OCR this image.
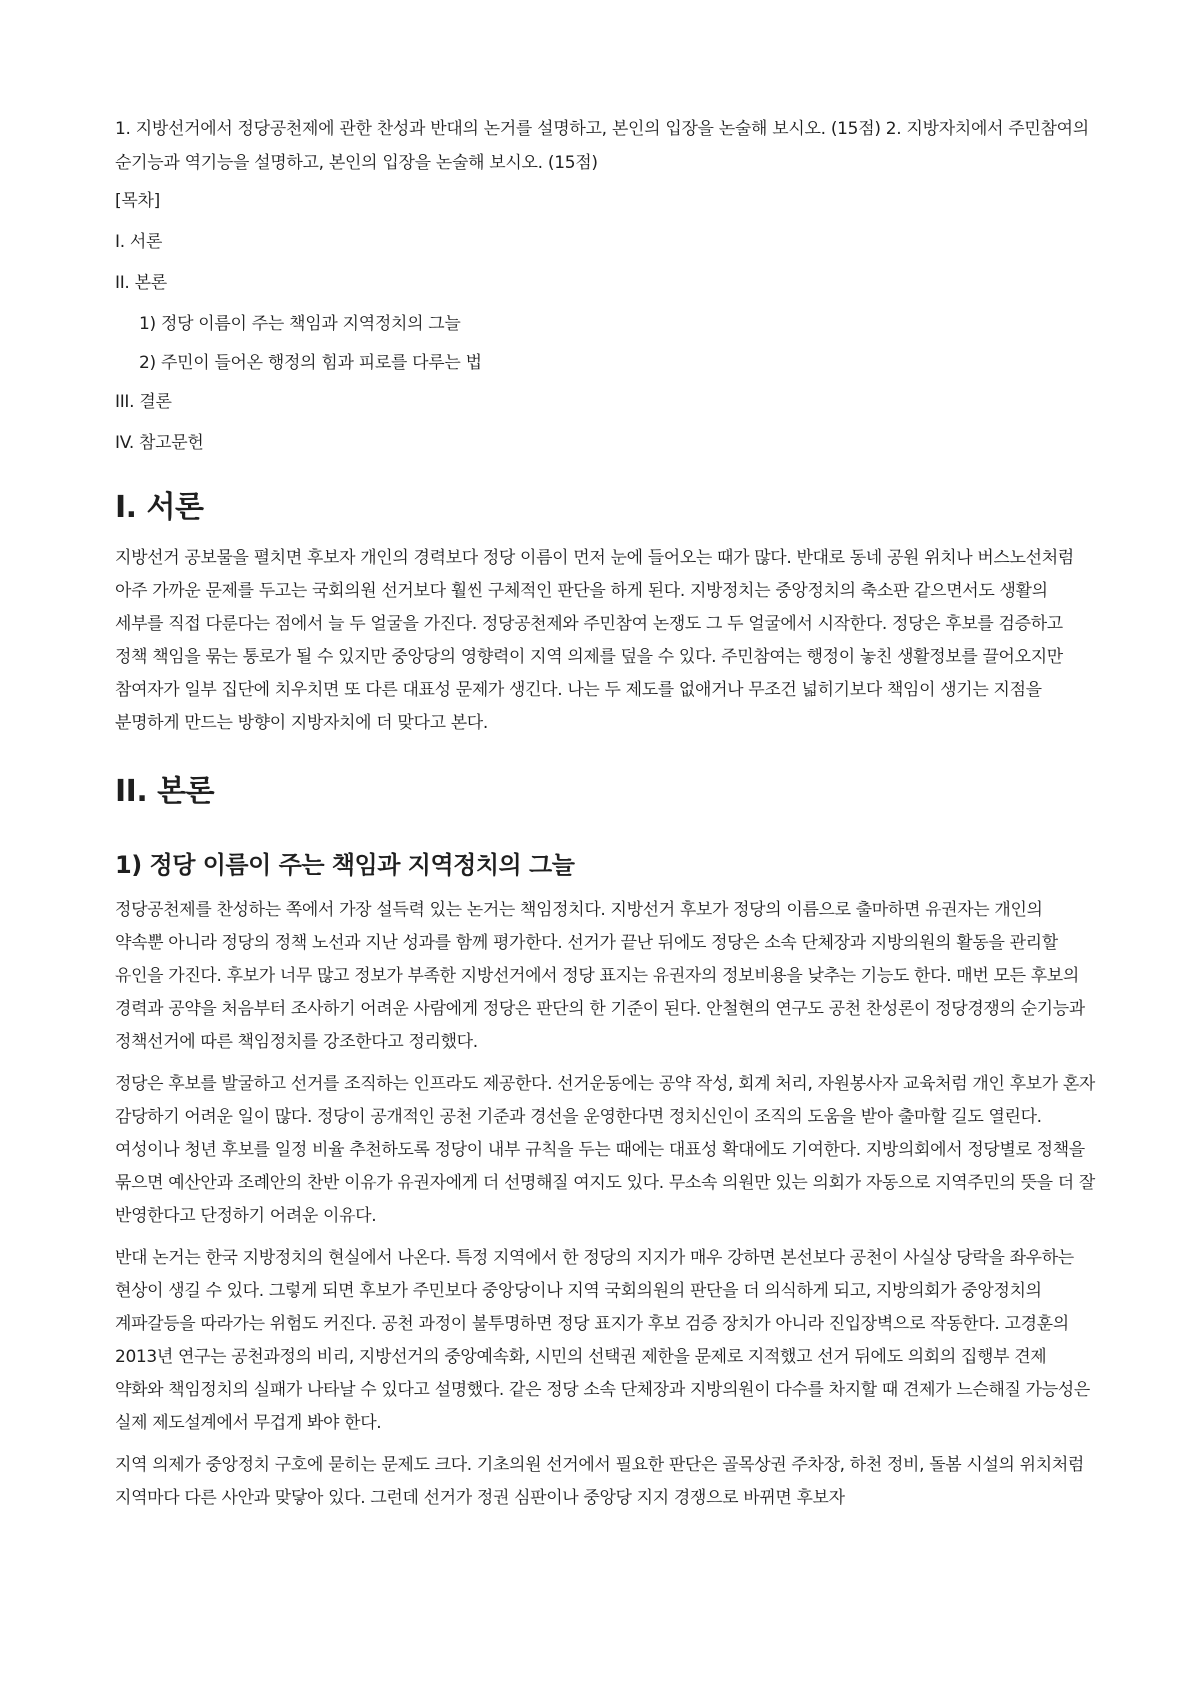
1. 지방선거에서 정당공천제에 관한 찬성과 반대의 논거를 설명하고, 본인의 입장을 논술해 보시오. (15점) 2. 지방자치에서 주민참여의 순기능과 역기능을 설명하고, 본인의 입장을 논술해 보시오. (15점)

[목차]

I. 서론

II. 본론

1) 정당 이름이 주는 책임과 지역정치의 그늘

2) 주민이 들어온 행정의 힘과 피로를 다루는 법

III. 결론

IV. 참고문헌

I. 서론

지방선거 공보물을 펼치면 후보자 개인의 경력보다 정당 이름이 먼저 눈에 들어오는 때가 많다. 반대로 동네 공원 위치나 버스노선처럼 아주 가까운 문제를 두고는 국회의원 선거보다 훨씬 구체적인 판단을 하게 된다. 지방정치는 중앙정치의 축소판 같으면서도 생활의 세부를 직접 다룬다는 점에서 늘 두 얼굴을 가진다. 정당공천제와 주민참여 논쟁도 그 두 얼굴에서 시작한다. 정당은 후보를 검증하고 정책 책임을 묶는 통로가 될 수 있지만 중앙당의 영향력이 지역 의제를 덮을 수 있다. 주민참여는 행정이 놓친 생활정보를 끌어오지만 참여자가 일부 집단에 치우치면 또 다른 대표성 문제가 생긴다. 나는 두 제도를 없애거나 무조건 넓히기보다 책임이 생기는 지점을 분명하게 만드는 방향이 지방자치에 더 맞다고 본다.

II. 본론
1) 정당 이름이 주는 책임과 지역정치의 그늘

정당공천제를 찬성하는 쪽에서 가장 설득력 있는 논거는 책임정치다. 지방선거 후보가 정당의 이름으로 출마하면 유권자는 개인의 약속뿐 아니라 정당의 정책 노선과 지난 성과를 함께 평가한다. 선거가 끝난 뒤에도 정당은 소속 단체장과 지방의원의 활동을 관리할 유인을 가진다. 후보가 너무 많고 정보가 부족한 지방선거에서 정당 표지는 유권자의 정보비용을 낮추는 기능도 한다. 매번 모든 후보의 경력과 공약을 처음부터 조사하기 어려운 사람에게 정당은 판단의 한 기준이 된다. 안철현의 연구도 공천 찬성론이 정당경쟁의 순기능과 정책선거에 따른 책임정치를 강조한다고 정리했다.

정당은 후보를 발굴하고 선거를 조직하는 인프라도 제공한다. 선거운동에는 공약 작성, 회계 처리, 자원봉사자 교육처럼 개인 후보가 혼자 감당하기 어려운 일이 많다. 정당이 공개적인 공천 기준과 경선을 운영한다면 정치신인이 조직의 도움을 받아 출마할 길도 열린다. 여성이나 청년 후보를 일정 비율 추천하도록 정당이 내부 규칙을 두는 때에는 대표성 확대에도 기여한다. 지방의회에서 정당별로 정책을 묶으면 예산안과 조례안의 찬반 이유가 유권자에게 더 선명해질 여지도 있다. 무소속 의원만 있는 의회가 자동으로 지역주민의 뜻을 더 잘 반영한다고 단정하기 어려운 이유다.

반대 논거는 한국 지방정치의 현실에서 나온다. 특정 지역에서 한 정당의 지지가 매우 강하면 본선보다 공천이 사실상 당락을 좌우하는 현상이 생길 수 있다. 그렇게 되면 후보가 주민보다 중앙당이나 지역 국회의원의 판단을 더 의식하게 되고, 지방의회가 중앙정치의 계파갈등을 따라가는 위험도 커진다. 공천 과정이 불투명하면 정당 표지가 후보 검증 장치가 아니라 진입장벽으로 작동한다. 고경훈의 2013년 연구는 공천과정의 비리, 지방선거의 중앙예속화, 시민의 선택권 제한을 문제로 지적했고 선거 뒤에도 의회의 집행부 견제 약화와 책임정치의 실패가 나타날 수 있다고 설명했다. 같은 정당 소속 단체장과 지방의원이 다수를 차지할 때 견제가 느슨해질 가능성은 실제 제도설계에서 무겁게 봐야 한다.

지역 의제가 중앙정치 구호에 묻히는 문제도 크다. 기초의원 선거에서 필요한 판단은 골목상권 주차장, 하천 정비, 돌봄 시설의 위치처럼 지역마다 다른 사안과 맞닿아 있다. 그런데 선거가 정권 심판이나 중앙당 지지 경쟁으로 바뀌면 후보자
